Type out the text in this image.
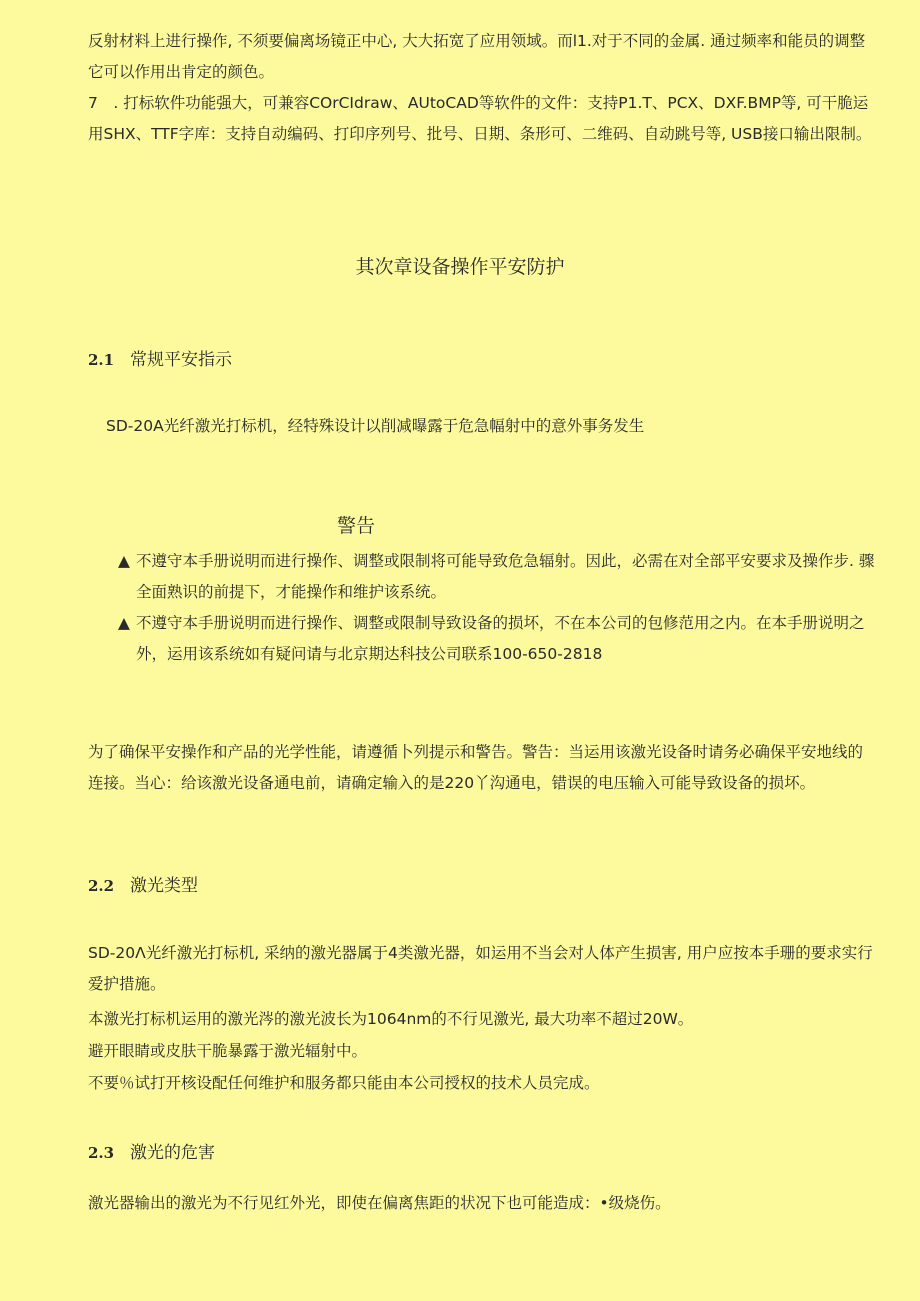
反射材料上进行操作, 不须要偏离场镜正中心, 大大拓宽了应用领域。而l1.对于不同的金属. 通过频率和能员的调整它可以作用出肯定的颜色。

7　. 打标软件功能强大，可兼容COrCIdraw、AUtoCAD等软件的文件：支持P1.T、PCX、DXF.BMP等, 可干脆运用SHX、TTF字库：支持自动编码、打印序列号、批号、日期、条形可、二维码、自动跳号等, USB接口输出限制。

其次章设备操作平安防护
2.1 常规平安指示

SD-20A光纤激光打标机，经特殊设计以削减曝露于危急幅射中的意外事务发生

警告
▲ 不遵守本手册说明而进行操作、调整或限制将可能导致危急辐射。因此，必需在对全部平安要求及操作步. 骤全面熟识的前提下，才能操作和维护该系统。
▲ 不遵守本手册说明而进行操作、调整或限制导致设备的损坏，不在本公司的包修范用之内。在本手册说明之外，运用该系统如有疑问请与北京期达科技公司联系100-650-2818

为了确保平安操作和产品的光学性能，请遵循卜列提示和警告。警告：当运用该激光设备时请务必确保平安地线的连接。当心：给该激光设备通电前，请确定输入的是220丫沟通电，错误的电压输入可能导致设备的损坏。

2.2 激光类型

SD-20Λ光纤激光打标机, 采纳的激光器属于4类激光器，如运用不当会对人体产生损害, 用户应按本手珊的要求实行爱护措施。

本激光打标机运用的激光涔的激光波长为1064nm的不行见激光, 最大功率不超过20W。

避开眼睛或皮肤干脆暴露于激光辐射中。

不要％试打开核设配任何维护和服务都只能由本公司授权的技术人员完成。

2.3 激光的危害

激光器输出的激光为不行见红外光，即使在偏离焦距的状况下也可能造成：•级烧伤。
